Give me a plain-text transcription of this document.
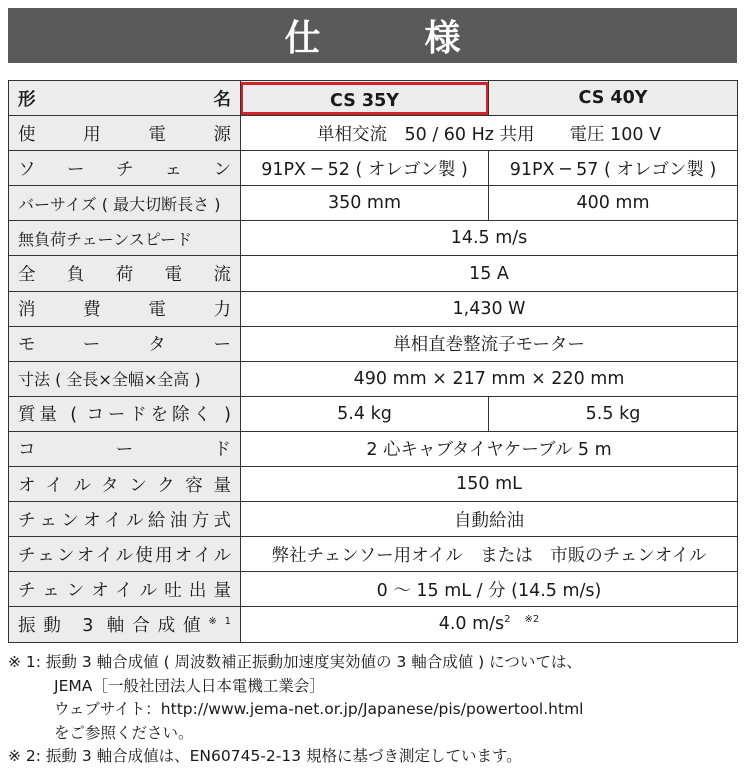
仕　様
形名	CS 35Y	CS 40Y
使用電源	単相交流　50 / 60 Hz 共用　　電圧 100 V	
ソーチェン	91PX ─ 52 ( オレゴン製 )	91PX ─ 57 ( オレゴン製 )
バーサイズ ( 最大切断長さ )	350 mm	400 mm
無負荷チェーンスピード	14.5 m/s	
全負荷電流	15 A	
消費電力	1,430 W	
モーター	単相直巻整流子モーター	
寸法 ( 全長×全幅×全高 )	490 mm × 217 mm × 220 mm	
質量 ( コードを除く )	5.4 kg	5.5 kg
コード	2 心キャブタイヤケーブル 5 m	
オイルタンク容量	150 mL	
チェンオイル給油方式	自動給油	
チェンオイル使用オイル	弊社チェンソー用オイル　または　市販のチェンオイル	
チェンオイル吐出量	0 ～ 15 mL / 分 (14.5 m/s)	
振動 3 軸合成値$^{※1}$	4.0 $m/s^2$ $^{※2}$
※ 1: 振動 3 軸合成値 ( 周波数補正振動加速度実効値の 3 軸合成値 ) については、
JEMA［一般社団法人日本電機工業会］
ウェブサイト：http://www.jema-net.or.jp/Japanese/pis/powertool.html
をご参照ください。
※ 2: 振動 3 軸合成値は、EN60745-2-13 規格に基づき測定しています。
